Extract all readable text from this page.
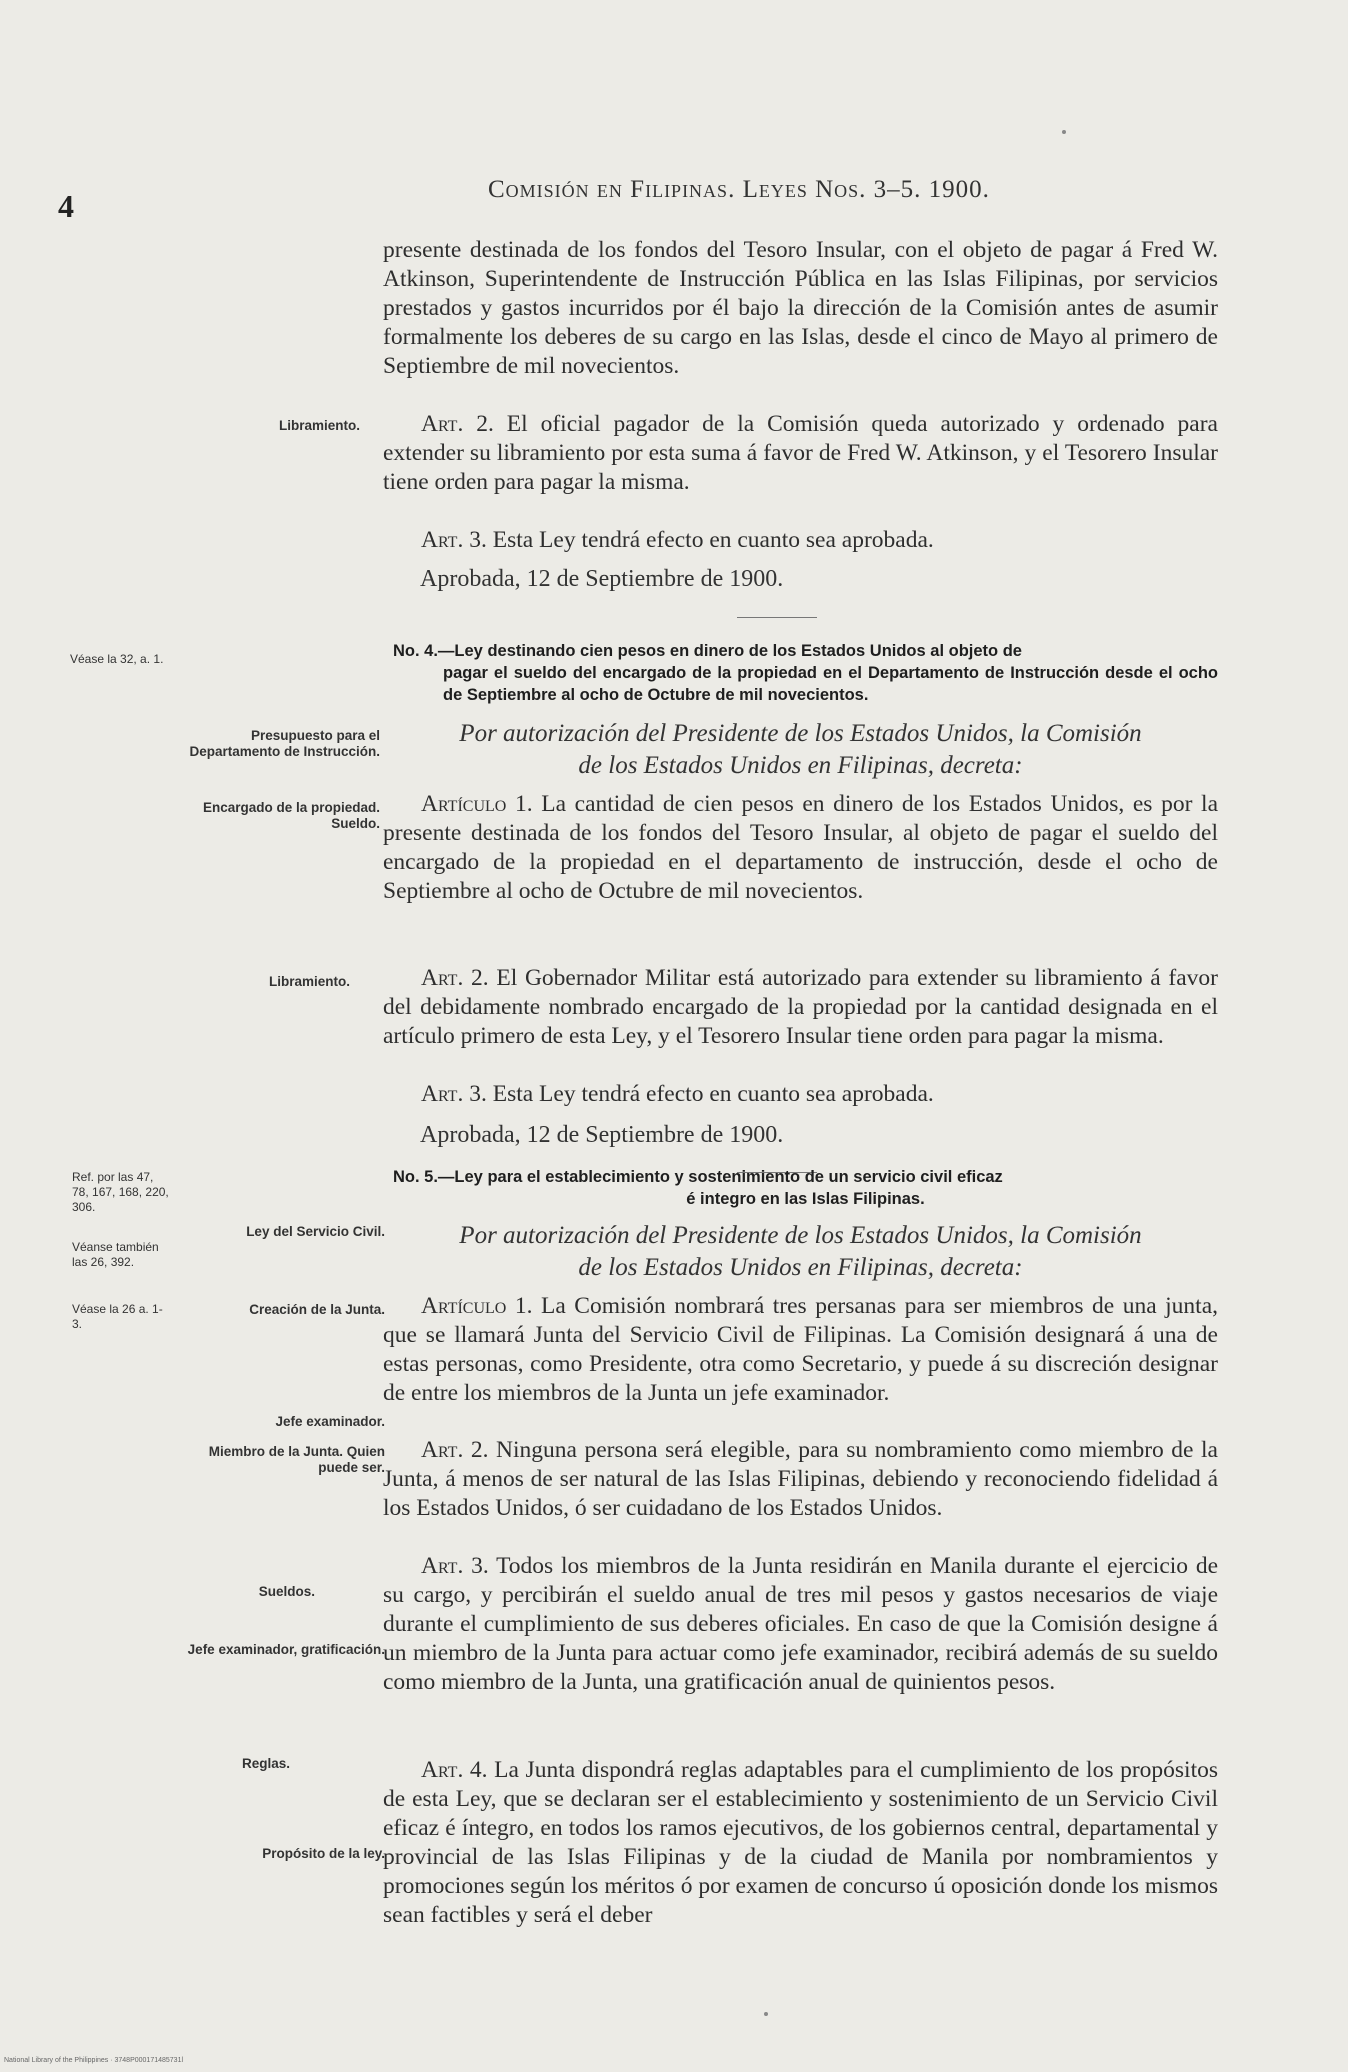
4	Comisión en Filipinas. Leyes Nos. 3–5. 1900.

presente destinada de los fondos del Tesoro Insular, con el objeto de pagar á Fred W. Atkinson, Superintendente de Instrucción Pública en las Islas Filipinas, por servicios prestados y gastos incurridos por él bajo la dirección de la Comisión antes de asumir formalmente los deberes de su cargo en las Islas, desde el cinco de Mayo al primero de Septiembre de mil novecientos.

Art. 2. El oficial pagador de la Comisión queda autorizado y ordenado para extender su libramiento por esta suma á favor de Fred W. Atkinson, y el Tesorero Insular tiene orden para pagar la misma.

Art. 3. Esta Ley tendrá efecto en cuanto sea aprobada.

Aprobada, 12 de Septiembre de 1900.
No. 4.—Ley destinando cien pesos en dinero de los Estados Unidos al objeto de
pagar el sueldo del encargado de la propiedad en el Departamento de Instrucción desde el ocho de Septiembre al ocho de Octubre de mil novecientos.
Por autorización del Presidente de los Estados Unidos, la Comisión
de los Estados Unidos en Filipinas, decreta:

Artículo 1. La cantidad de cien pesos en dinero de los Estados Unidos, es por la presente destinada de los fondos del Tesoro Insular, al objeto de pagar el sueldo del encargado de la propiedad en el departamento de instrucción, desde el ocho de Septiembre al ocho de Octubre de mil novecientos.

Art. 2. El Gobernador Militar está autorizado para extender su libramiento á favor del debidamente nombrado encargado de la propiedad por la cantidad designada en el artículo primero de esta Ley, y el Tesorero Insular tiene orden para pagar la misma.

Art. 3. Esta Ley tendrá efecto en cuanto sea aprobada.

Aprobada, 12 de Septiembre de 1900.
No. 5.—Ley para el establecimiento y sostenimiento de un servicio civil eficaz
é integro en las Islas Filipinas.
Por autorización del Presidente de los Estados Unidos, la Comisión
de los Estados Unidos en Filipinas, decreta:

Artículo 1. La Comisión nombrará tres persanas para ser miembros de una junta, que se llamará Junta del Servicio Civil de Filipinas. La Comisión designará á una de estas personas, como Presidente, otra como Secretario, y puede á su discreción designar de entre los miembros de la Junta un jefe examinador.

Art. 2. Ninguna persona será elegible, para su nombramiento como miembro de la Junta, á menos de ser natural de las Islas Filipinas, debiendo y reconociendo fidelidad á los Estados Unidos, ó ser cuidadano de los Estados Unidos.

Art. 3. Todos los miembros de la Junta residirán en Manila durante el ejercicio de su cargo, y percibirán el sueldo anual de tres mil pesos y gastos necesarios de viaje durante el cumplimiento de sus deberes oficiales. En caso de que la Comisión designe á un miembro de la Junta para actuar como jefe examinador, recibirá además de su sueldo como miembro de la Junta, una gratificación anual de quinientos pesos.

Art. 4. La Junta dispondrá reglas adaptables para el cumplimiento de los propósitos de esta Ley, que se declaran ser el establecimiento y sostenimiento de un Servicio Civil eficaz é íntegro, en todos los ramos ejecutivos, de los gobiernos central, departamental y provincial de las Islas Filipinas y de la ciudad de Manila por nombramientos y promociones según los méritos ó por examen de concurso ú oposición donde los mismos sean factibles y será el deber

Libramiento.
Véase la 32, a. 1.
Presupuesto para el Departamento de Instrucción.
Encargado de la propiedad. Sueldo.
Libramiento.
Ref. por las 47, 78, 167, 168, 220, 306.
Véanse también las 26, 392.
Ley del Servicio Civil.
Véase la 26 a. 1-3.
Creación de la Junta.
Jefe examinador.
Miembro de la Junta. Quien puede ser.
Sueldos.
Jefe examinador, gratificación.
Reglas.
Propósito de la ley.
National Library of the Philippines · 3748P000171485731l
